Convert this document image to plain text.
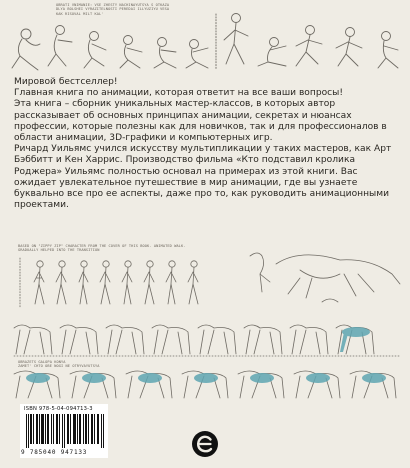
OBRATI VNIMANIE: VSE ZHESTY NACHINAYUTSYA S OTKAZA
DLYA BOLSHEI VYRAZITELNOSTI PEREDAI ILLYUZIYU VESA
KAK RISOVAL MILT KAL'

Мировой бестселлер!

Главная книга по анимации, которая ответит на все ваши вопросы!

Эта книга – сборник уникальных мастер-классов, в которых автор рассказывает об основных принципах анимации, секретах и нюансах профессии, которые полезны как для новичков, так и для профессионалов в области анимации, 3D-графики и компьютерных игр.

Ричард Уильямс учился искусству мультипликации у таких мастеров, как Арт Бэббитт и Кен Харрис. Производство фильма «Кто подставил кролика Роджера» Уильямс полностью основал на примерах из этой книги. Вас ожидает увлекательное путешествие в мир анимации, где вы узнаете буквально все про ее аспекты, даже про то, как руководить анимационными проектами.

BASED ON "ZIPPY ZIP" CHARACTER FROM THE COVER OF THIS BOOK. ANIMATED WALK.
GRADUALLY HELPED INTO THE TRANSITION
OBRAZETS GALOPA KONYA
ZAMET' CHTO OBE NOGI NE OTRYVAYUTSYA
ISBN 978-5-04-094713-3
9 785040 947133
